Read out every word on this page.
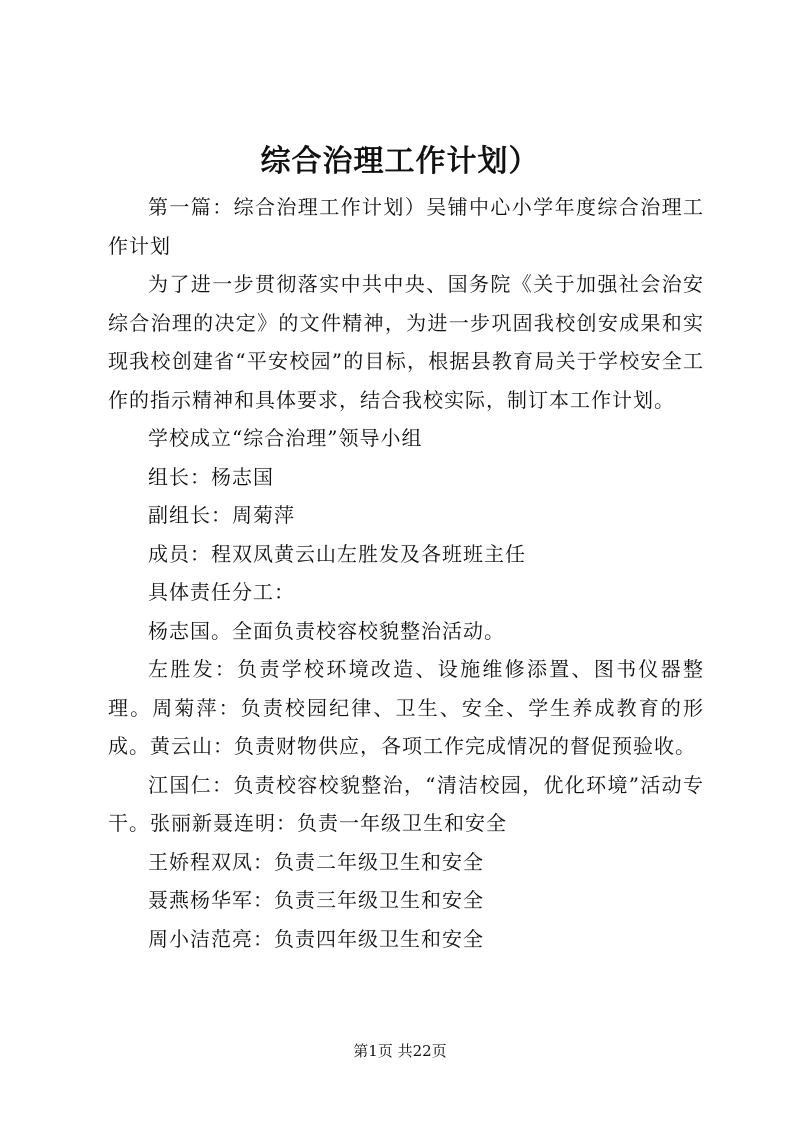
综合治理工作计划）

第一篇：综合治理工作计划）吴铺中心小学年度综合治理工作计划

为了进一步贯彻落实中共中央、国务院《关于加强社会治安综合治理的决定》的文件精神，为进一步巩固我校创安成果和实现我校创建省“平安校园”的目标，根据县教育局关于学校安全工作的指示精神和具体要求，结合我校实际，制订本工作计划。

学校成立“综合治理”领导小组

组长：杨志国

副组长：周菊萍

成员：程双凤黄云山左胜发及各班班主任

具体责任分工：

杨志国。全面负责校容校貌整治活动。

左胜发：负责学校环境改造、设施维修添置、图书仪器整理。周菊萍：负责校园纪律、卫生、安全、学生养成教育的形成。黄云山：负责财物供应，各项工作完成情况的督促预验收。

江国仁：负责校容校貌整治，“清洁校园，优化环境”活动专干。张丽新聂连明：负责一年级卫生和安全

王娇程双凤：负责二年级卫生和安全

聂燕杨华军：负责三年级卫生和安全

周小洁范亮：负责四年级卫生和安全

第1页 共22页
